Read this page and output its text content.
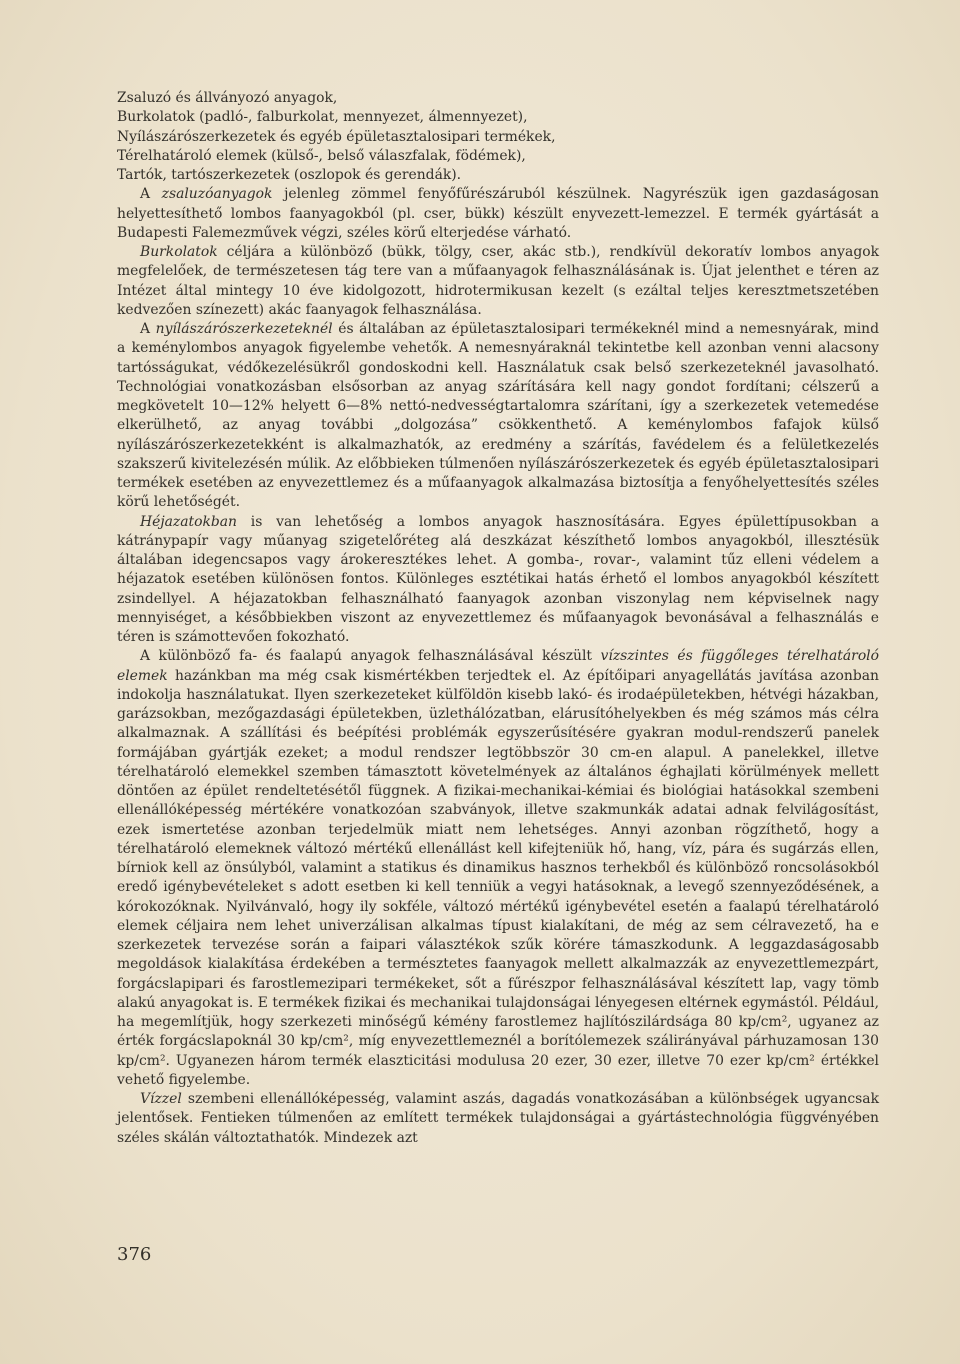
Zsaluzó és állványozó anyagok,

Burkolatok (padló-, falburkolat, mennyezet, álmennyezet),

Nyílászárószerkezetek és egyéb épületasztalosipari termékek,

Térelhatároló elemek (külső-, belső válaszfalak, födémek),

Tartók, tartószerkezetek (oszlopok és gerendák).

A zsaluzóanyagok jelenleg zömmel fenyőfűrészáruból készülnek. Nagyrészük igen gazdaságosan helyettesíthető lombos faanyagokból (pl. cser, bükk) készült enyvezett-lemezzel. E termék gyártását a Budapesti Falemezművek végzi, széles körű elterjedése várható.

Burkolatok céljára a különböző (bükk, tölgy, cser, akác stb.), rendkívül dekoratív lombos anyagok megfelelőek, de természetesen tág tere van a műfaanyagok felhasználásának is. Újat jelenthet e téren az Intézet által mintegy 10 éve kidolgozott, hidrotermikusan kezelt (s ezáltal teljes keresztmetszetében kedvezően színezett) akác faanyagok felhasználása.

A nyílászárószerkezeteknél és általában az épületasztalosipari termékeknél mind a nemesnyárak, mind a keménylombos anyagok figyelembe vehetők. A nemesnyáraknál tekintetbe kell azonban venni alacsony tartósságukat, védőkezelésükről gondoskodni kell. Használatuk csak belső szerkezeteknél javasolható. Technológiai vonatkozásban elsősorban az anyag szárítására kell nagy gondot fordítani; célszerű a megkövetelt 10—12% helyett 6—8% nettó-nedvességtartalomra szárítani, így a szerkezetek vetemedése elkerülhető, az anyag további „dolgozása” csökkenthető. A keménylombos fafajok külső nyílászárószerkezetekként is alkalmazhatók, az eredmény a szárítás, favédelem és a felületkezelés szakszerű kivitelezésén múlik. Az előbbieken túlmenően nyílászárószerkezetek és egyéb épületasztalosipari termékek esetében az enyvezettlemez és a műfaanyagok alkalmazása biztosítja a fenyőhelyettesítés széles körű lehetőségét.

Héjazatokban is van lehetőség a lombos anyagok hasznosítására. Egyes épülettípusokban a kátránypapír vagy műanyag szigetelőréteg alá deszkázat készíthető lombos anyagokból, illesztésük általában idegencsapos vagy árokeresztékes lehet. A gomba-, rovar-, valamint tűz elleni védelem a héjazatok esetében különösen fontos. Különleges esztétikai hatás érhető el lombos anyagokból készített zsindellyel. A héjazatokban felhasználható faanyagok azonban viszonylag nem képviselnek nagy mennyiséget, a későbbiekben viszont az enyvezettlemez és műfaanyagok bevonásával a felhasználás e téren is számottevően fokozható.

A különböző fa- és faalapú anyagok felhasználásával készült vízszintes és függőleges térelhatároló elemek hazánkban ma még csak kismértékben terjedtek el. Az építőipari anyagellátás javítása azonban indokolja használatukat. Ilyen szerkezeteket külföldön kisebb lakó- és irodaépületekben, hétvégi házakban, garázsokban, mezőgazdasági épületekben, üzlethálózatban, elárusítóhelyekben és még számos más célra alkalmaznak. A szállítási és beépítési problémák egyszerűsítésére gyakran modul-rendszerű panelek formájában gyártják ezeket; a modul rendszer legtöbbször 30 cm-en alapul. A panelekkel, illetve térelhatároló elemekkel szemben támasztott követelmények az általános éghajlati körülmények mellett döntően az épület rendeltetésétől függnek. A fizikai-mechanikai-kémiai és biológiai hatásokkal szembeni ellenállóképesség mértékére vonatkozóan szabványok, illetve szakmunkák adatai adnak felvilágosítást, ezek ismertetése azonban terjedelmük miatt nem lehetséges. Annyi azonban rögzíthető, hogy a térelhatároló elemeknek változó mértékű ellenállást kell kifejteniük hő, hang, víz, pára és sugárzás ellen, bírniok kell az önsúlyból, valamint a statikus és dinamikus hasznos terhekből és különböző roncsolásokból eredő igénybevételeket s adott esetben ki kell tenniük a vegyi hatásoknak, a levegő szennyeződésének, a kórokozóknak. Nyilvánvaló, hogy ily sokféle, változó mértékű igénybevétel esetén a faalapú térelhatároló elemek céljaira nem lehet univerzálisan alkalmas típust kialakítani, de még az sem célravezető, ha e szerkezetek tervezése során a faipari választékok szűk körére támaszkodunk. A leggazdaságosabb megoldások kialakítása érdekében a természtetes faanyagok mellett alkalmazzák az enyvezettlemezpárt, forgácslapipari és farostlemezipari termékeket, sőt a fűrészpor felhasználásával készített lap, vagy tömb alakú anyagokat is. E termékek fizikai és mechanikai tulajdonságai lényegesen eltérnek egymástól. Például, ha megemlítjük, hogy szerkezeti minőségű kémény farostlemez hajlítószilárdsága 80 kp/cm², ugyanez az érték forgácslapoknál 30 kp/cm², míg enyvezettlemeznél a borítólemezek szálirányával párhuzamosan 130 kp/cm². Ugyanezen három termék elaszticitási modulusa 20 ezer, 30 ezer, illetve 70 ezer kp/cm² értékkel vehető figyelembe.

Vízzel szembeni ellenállóképesség, valamint aszás, dagadás vonatkozásában a különbségek ugyancsak jelentősek. Fentieken túlmenően az említett termékek tulajdonságai a gyártástechnológia függvényében széles skálán változtathatók. Mindezek azt

376
